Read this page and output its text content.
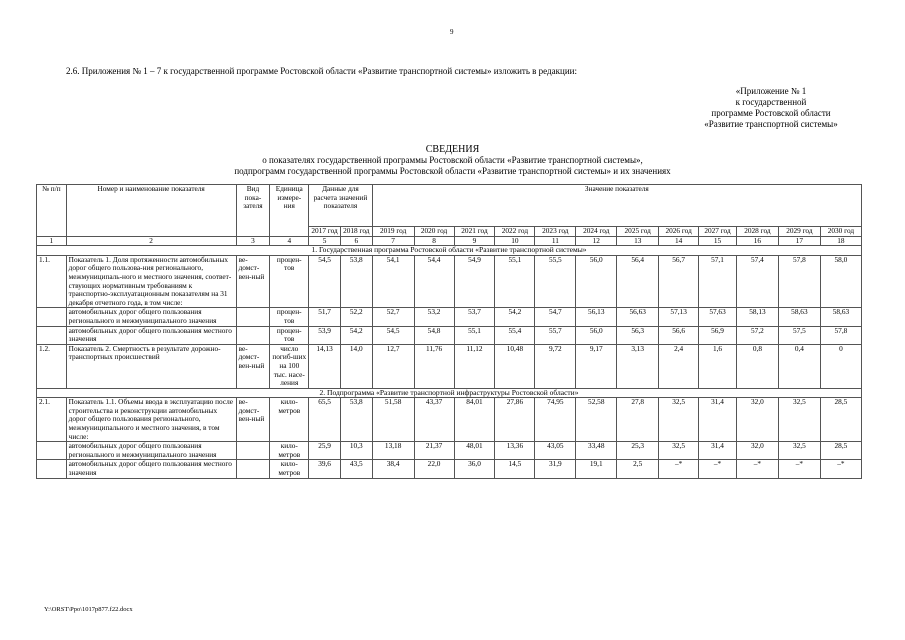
9
2.6. Приложения № 1 – 7 к государственной программе Ростовской области «Развитие транспортной системы» изложить в редакции:
«Приложение № 1
к государственной
программе Ростовской области
«Развитие транспортной системы»
СВЕДЕНИЯ
о показателях государственной программы Ростовской области «Развитие транспортной системы»,
подпрограмм государственной программы Ростовской области «Развитие транспортной системы» и их значениях
№ п/п	Номер и наименование показателя	Вид пока-зателя	Единица измере-ния	Данные для расчета значений показателя		Значение показателя											
				2017 год	2018 год	2019 год	2020 год	2021 год	2022 год	2023 год	2024 год	2025 год	2026 год	2027 год	2028 год	2029 год	2030 год
1	2	3	4	5	6	7	8	9	10	11	12	13	14	15	16	17	18
1. Государственная программа Ростовской области «Развитие транспортной системы»																	
1.1.	Показатель 1. Доля протяженности автомобильных дорог общего пользова-ния регионального, межмуниципаль-ного и местного значения, соответ-ствующих нормативным требованиям к транспортно-эксплуатационным показателям на 31 декабря отчетного года, в том числе:	ве-домст-вен-ный	процен-тов	54,5	53,8	54,1	54,4	54,9	55,1	55,5	56,0	56,4	56,7	57,1	57,4	57,8	58,0
	автомобильных дорог общего пользования регионального и межмуниципального значения		процен-тов	51,7	52,2	52,7	53,2	53,7	54,2	54,7	56,13	56,63	57,13	57,63	58,13	58,63	58,63
	автомобильных дорог общего пользования местного значения		процен-тов	53,9	54,2	54,5	54,8	55,1	55,4	55,7	56,0	56,3	56,6	56,9	57,2	57,5	57,8
1.2.	Показатель 2. Смертность в результате дорожно-транспортных происшествий	ве-домст-вен-ный	число погиб-ших на 100 тыс. насе-ления	14,13	14,0	12,7	11,76	11,12	10,48	9,72	9,17	3,13	2,4	1,6	0,8	0,4	0
2. Подпрограмма «Развитие транспортной инфраструктуры Ростовской области»																	
2.1.	Показатель 1.1. Объемы ввода в эксплуатацию после строительства и реконструкции автомобильных дорог общего пользования регионального, межмуниципального и местного значения, в том числе:	ве-домст-вен-ный	кило-метров	65,5	53,8	51,58	43,37	84,01	27,86	74,95	52,58	27,8	32,5	31,4	32,0	32,5	28,5
	автомобильных дорог общего пользования регионального и межмуниципального значения		кило-метров	25,9	10,3	13,18	21,37	48,01	13,36	43,05	33,48	25,3	32,5	31,4	32,0	32,5	28,5
	автомобильных дорог общего пользования местного значения		кило-метров	39,6	43,5	38,4	22,0	36,0	14,5	31,9	19,1	2,5	–*	–*	–*	–*	–*
Y:\ORST\Ppo\1017p877.f22.docx
